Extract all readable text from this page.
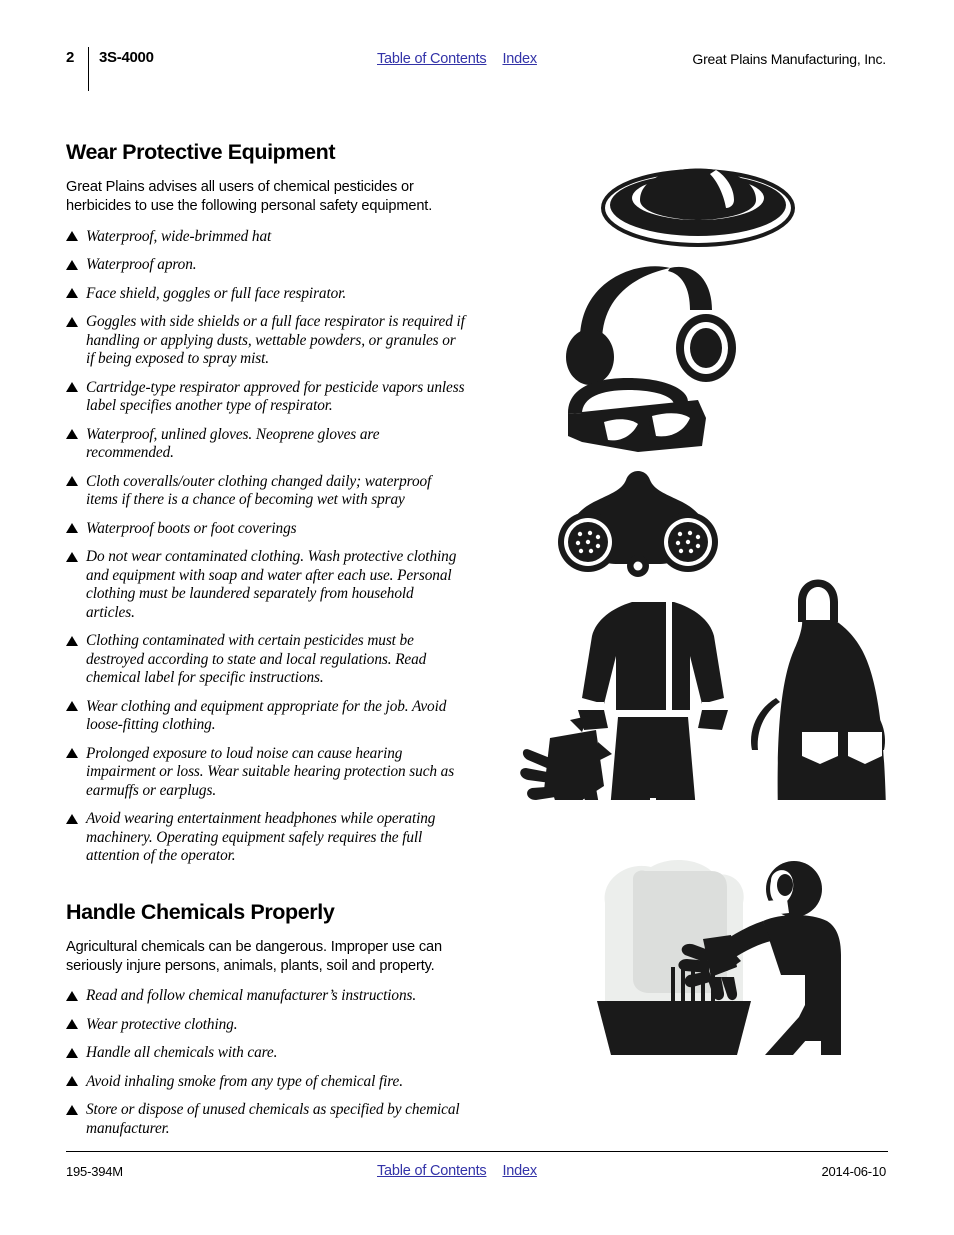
2 3S-4000	Table of Contents Index	Great Plains Manufacturing, Inc.
Wear Protective Equipment

Great Plains advises all users of chemical pesticides or herbicides to use the following personal safety equipment.

Waterproof, wide-brimmed hat
Waterproof apron.
Face shield, goggles or full face respirator.
Goggles with side shields or a full face respirator is required if handling or applying dusts, wettable powders, or granules or if being exposed to spray mist.
Cartridge-type respirator approved for pesticide vapors unless label specifies another type of respirator.
Waterproof, unlined gloves. Neoprene gloves are recommended.
Cloth coveralls/outer clothing changed daily; waterproof items if there is a chance of becoming wet with spray
Waterproof boots or foot coverings
Do not wear contaminated clothing. Wash protective clothing and equipment with soap and water after each use. Personal clothing must be laundered separately from household articles.
Clothing contaminated with certain pesticides must be destroyed according to state and local regulations. Read chemical label for specific instructions.
Wear clothing and equipment appropriate for the job. Avoid loose-fitting clothing.
Prolonged exposure to loud noise can cause hearing impairment or loss. Wear suitable hearing protection such as earmuffs or earplugs.
Avoid wearing entertainment headphones while operating machinery. Operating equipment safely requires the full attention of the operator.
Handle Chemicals Properly

Agricultural chemicals can be dangerous. Improper use can seriously injure persons, animals, plants, soil and property.

Read and follow chemical manufacturer’s instructions.
Wear protective clothing.
Handle all chemicals with care.
Avoid inhaling smoke from any type of chemical fire.
Store or dispose of unused chemicals as specified by chemical manufacturer.
195-394M	Table of Contents Index	2014-06-10
